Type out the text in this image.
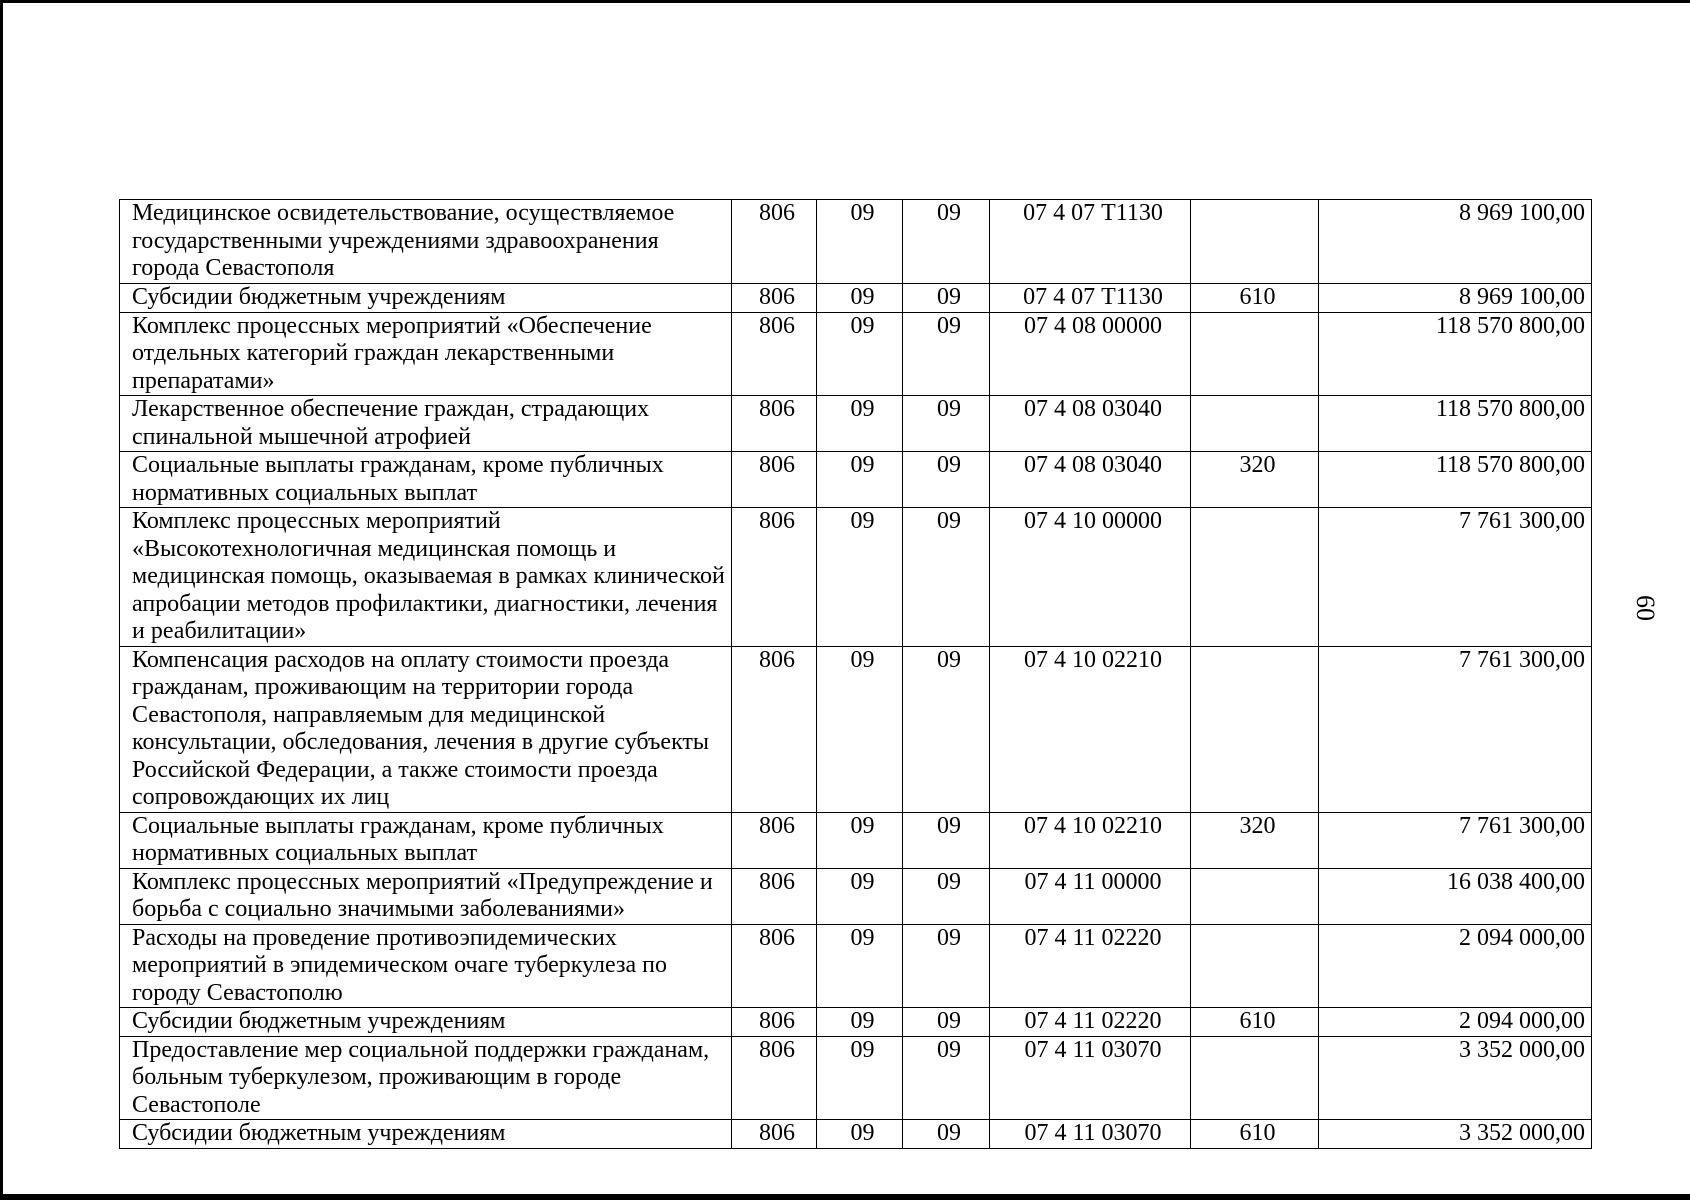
Медицинское освидетельствование, осуществляемое государственными учреждениями здравоохранения города Севастополя	806	09	09	07 4 07 Т1130		8 969 100,00
Субсидии бюджетным учреждениям	806	09	09	07 4 07 Т1130	610	8 969 100,00
Комплекс процессных мероприятий «Обеспечение отдельных категорий граждан лекарственными препаратами»	806	09	09	07 4 08 00000		118 570 800,00
Лекарственное обеспечение граждан, страдающих спинальной мышечной атрофией	806	09	09	07 4 08 03040		118 570 800,00
Социальные выплаты гражданам, кроме публичных нормативных социальных выплат	806	09	09	07 4 08 03040	320	118 570 800,00
Комплекс процессных мероприятий «Высокотехнологичная медицинская помощь и медицинская помощь, оказываемая в рамках клинической апробации методов профилактики, диагностики, лечения и реабилитации»	806	09	09	07 4 10 00000		7 761 300,00
Компенсация расходов на оплату стоимости проезда гражданам, проживающим на территории города Севастополя, направляемым для медицинской консультации, обследования, лечения в другие субъекты Российской Федерации, а также стоимости проезда сопровождающих их лиц	806	09	09	07 4 10 02210		7 761 300,00
Социальные выплаты гражданам, кроме публичных нормативных социальных выплат	806	09	09	07 4 10 02210	320	7 761 300,00
Комплекс процессных мероприятий «Предупреждение и борьба с социально значимыми заболеваниями»	806	09	09	07 4 11 00000		16 038 400,00
Расходы на проведение противоэпидемических мероприятий в эпидемическом очаге туберкулеза по городу Севастополю	806	09	09	07 4 11 02220		2 094 000,00
Субсидии бюджетным учреждениям	806	09	09	07 4 11 02220	610	2 094 000,00
Предоставление мер социальной поддержки гражданам, больным туберкулезом, проживающим в городе Севастополе	806	09	09	07 4 11 03070		3 352 000,00
Субсидии бюджетным учреждениям	806	09	09	07 4 11 03070	610	3 352 000,00
60
